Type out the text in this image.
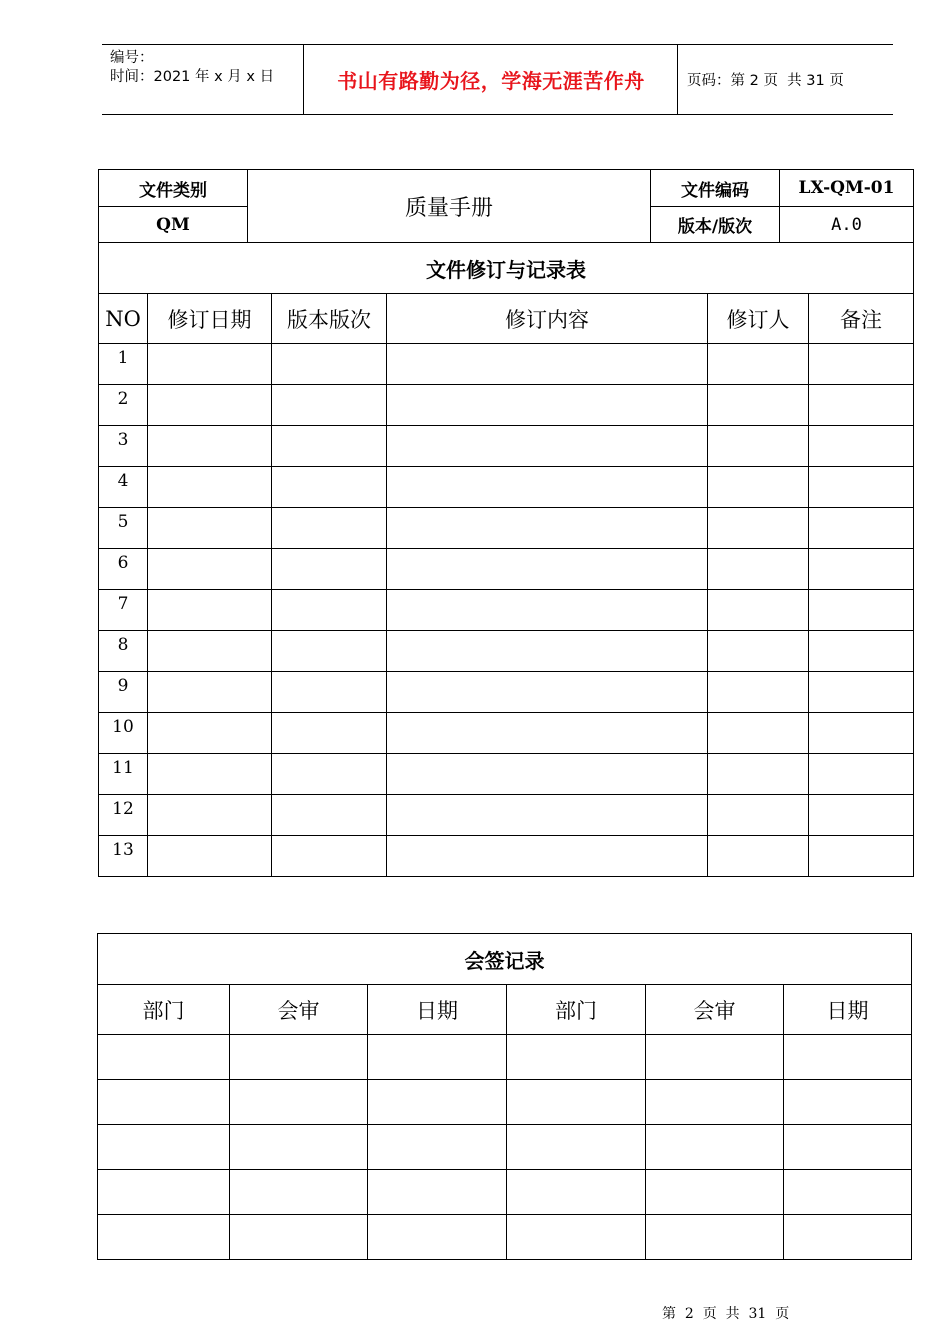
编号：
时间：2021 年 x 月 x 日	书山有路勤为径，学海无涯苦作舟	页码：第 2 页  共 31 页
文件类别	质量手册	文件编码	LX-QM-01
QM		版本/版次	A.0
文件修订与记录表					
NO	修订日期	版本版次	修订内容	修订人	备注
1					
2					
3					
4					
5					
6					
7					
8					
9					
10					
11					
12					
13					
会签记录					
部门	会审	日期	部门	会审	日期

第  2  页  共  31  页
